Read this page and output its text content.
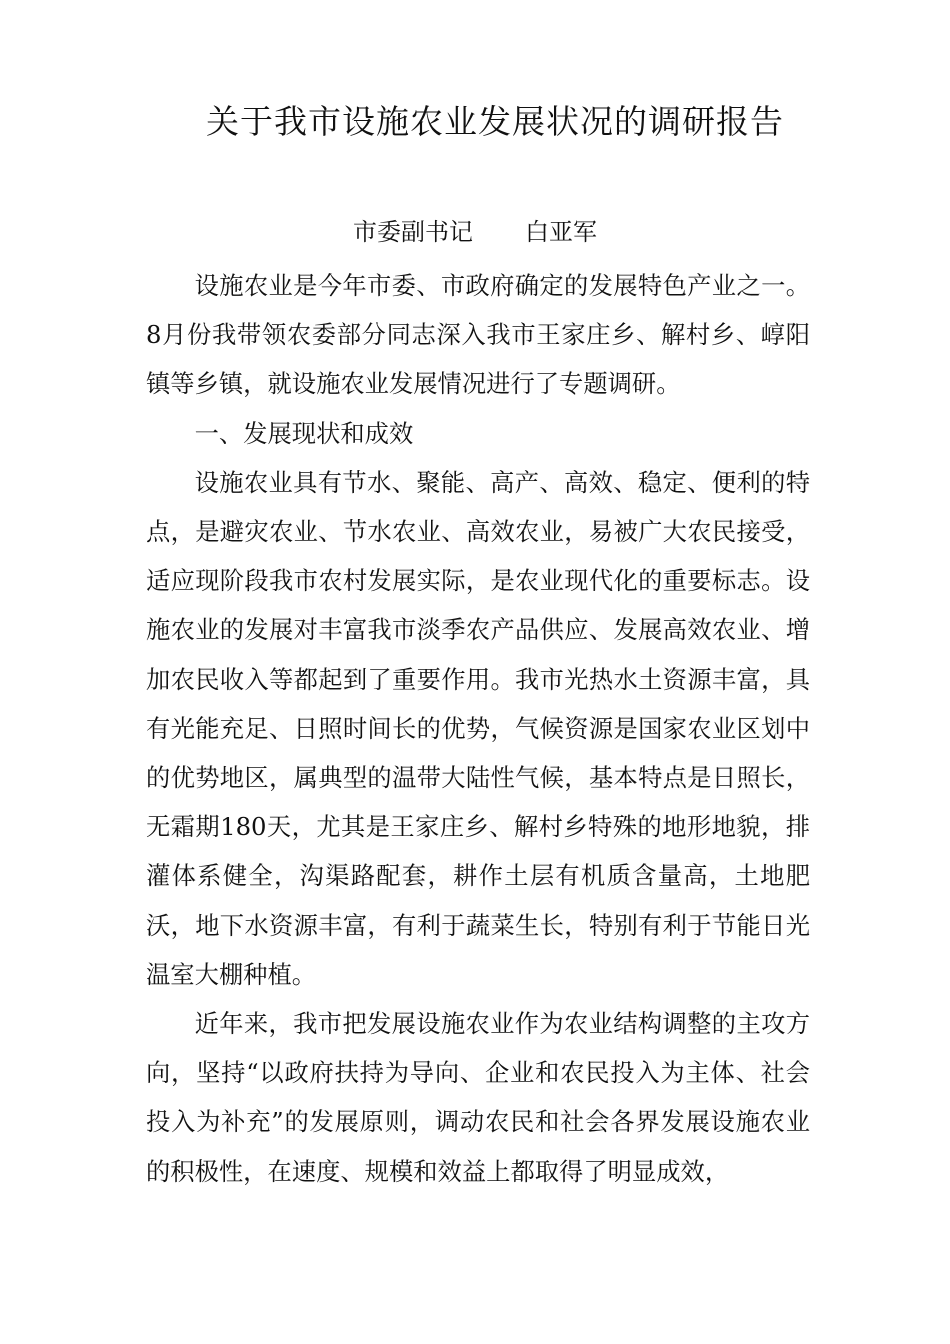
关于我市设施农业发展状况的调研报告
市委副书记 白亚军

设施农业是今年市委、市政府确定的发展特色产业之一。8月份我带领农委部分同志深入我市王家庄乡、解村乡、崞阳镇等乡镇，就设施农业发展情况进行了专题调研。

一、发展现状和成效

设施农业具有节水、聚能、高产、高效、稳定、便利的特点，是避灾农业、节水农业、高效农业，易被广大农民接受，适应现阶段我市农村发展实际，是农业现代化的重要标志。设施农业的发展对丰富我市淡季农产品供应、发展高效农业、增加农民收入等都起到了重要作用。我市光热水土资源丰富，具有光能充足、日照时间长的优势，气候资源是国家农业区划中的优势地区，属典型的温带大陆性气候，基本特点是日照长，无霜期180天，尤其是王家庄乡、解村乡特殊的地形地貌，排灌体系健全，沟渠路配套，耕作土层有机质含量高，土地肥沃，地下水资源丰富，有利于蔬菜生长，特别有利于节能日光温室大棚种植。

近年来，我市把发展设施农业作为农业结构调整的主攻方向，坚持“以政府扶持为导向、企业和农民投入为主体、社会投入为补充”的发展原则，调动农民和社会各界发展设施农业的积极性，在速度、规模和效益上都取得了明显成效，
